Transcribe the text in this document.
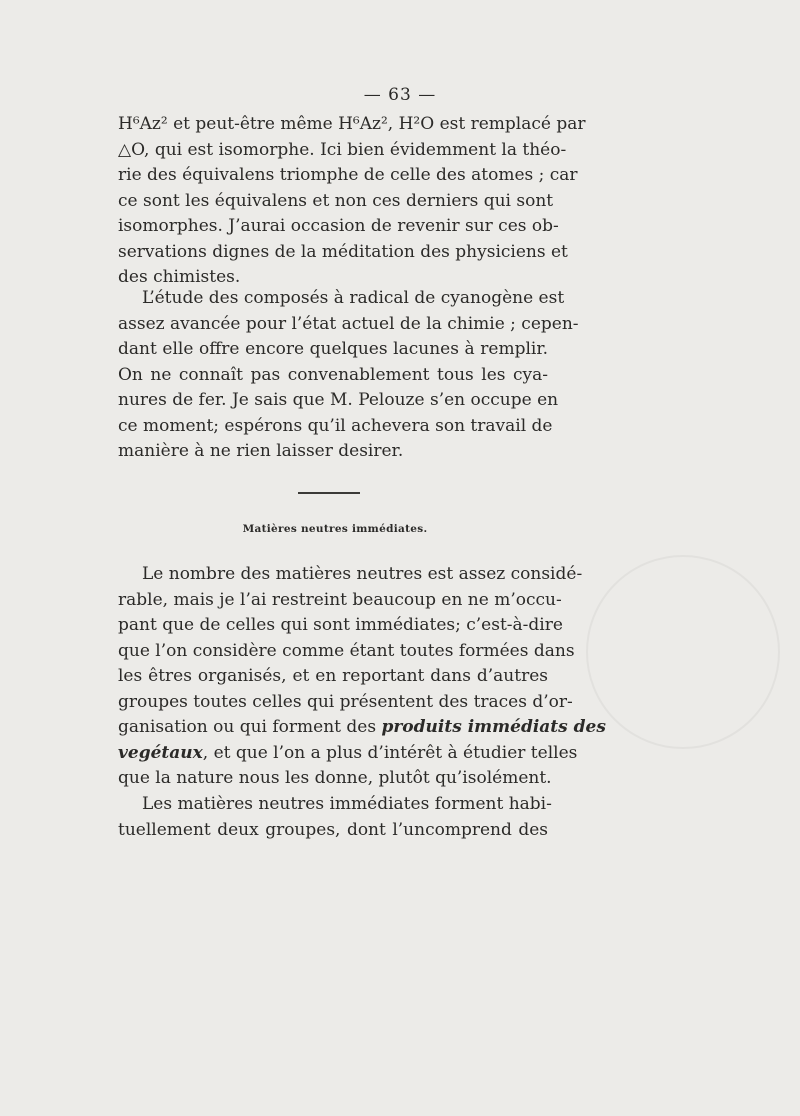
— 63 —
H⁶Az² et peut-être même H⁶Az², H²O est remplacé par
△O, qui est isomorphe. Ici bien évidemment la théo-
rie des équivalens triomphe de celle des atomes ; car
ce sont les équivalens et non ces derniers qui sont
isomorphes. J’aurai occasion de revenir sur ces ob-
servations dignes de la méditation des physiciens et
des chimistes.
L’étude des composés à radical de cyanogène est
assez avancée pour l’état actuel de la chimie ; cepen-
dant elle offre encore quelques lacunes à remplir.
On ne connaît pas convenablement tous les cya-
nures de fer. Je sais que M. Pelouze s’en occupe en
ce moment; espérons qu’il achevera son travail de
manière à ne rien laisser desirer.
Matières neutres immédiates.
Le nombre des matières neutres est assez considé-
rable, mais je l’ai restreint beaucoup en ne m’occu-
pant que de celles qui sont immédiates; c’est-à-dire
que l’on considère comme étant toutes formées dans
les êtres organisés, et en reportant dans d’autres
groupes toutes celles qui présentent des traces d’or-
ganisation ou qui forment des produits immédiats des
vegétaux, et que l’on a plus d’intérêt à étudier telles
que la nature nous les donne, plutôt qu’isolément.
Les matières neutres immédiates forment habi-
tuellement deux groupes, dont l’uncomprend des
